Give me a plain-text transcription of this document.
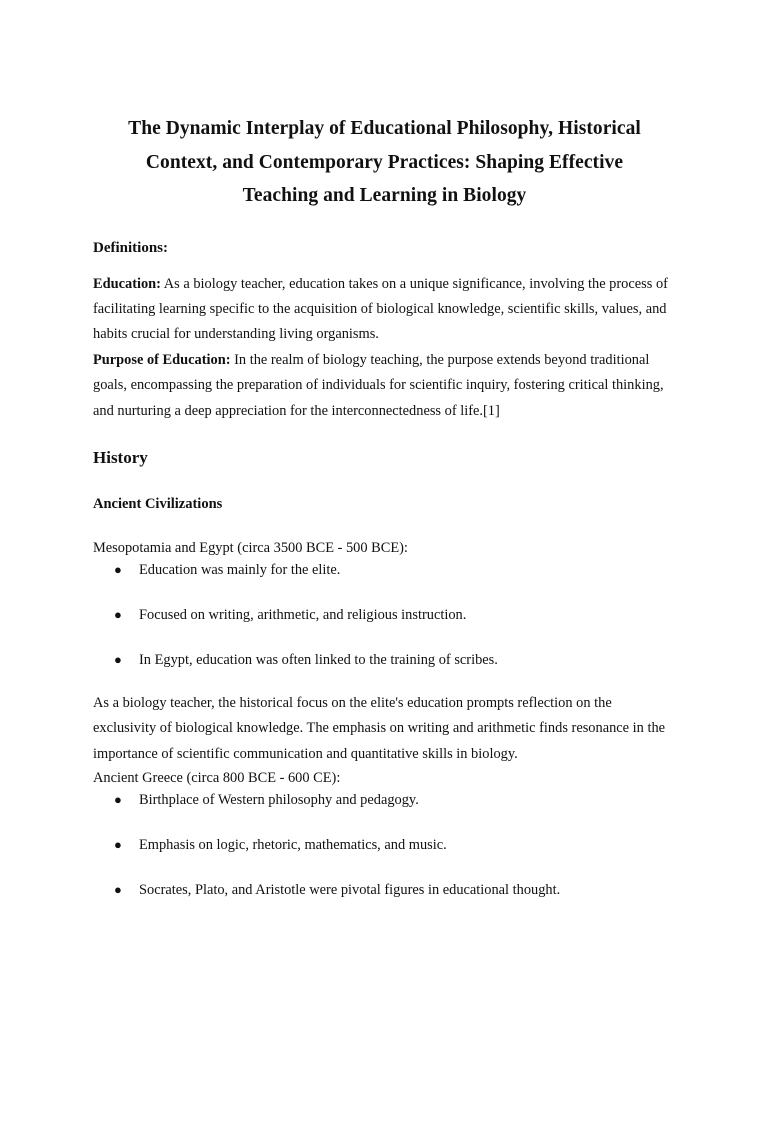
The Dynamic Interplay of Educational Philosophy, Historical
Context, and Contemporary Practices: Shaping Effective
Teaching and Learning in Biology

Definitions:

Education: As a biology teacher, education takes on a unique significance, involving the process of facilitating learning specific to the acquisition of biological knowledge, scientific skills, values, and habits crucial for understanding living organisms.

Purpose of Education: In the realm of biology teaching, the purpose extends beyond traditional goals, encompassing the preparation of individuals for scientific inquiry, fostering critical thinking, and nurturing a deep appreciation for the interconnectedness of life.[1]

History
Ancient Civilizations

Mesopotamia and Egypt (circa 3500 BCE - 500 BCE):

● Education was mainly for the elite.
● Focused on writing, arithmetic, and religious instruction.
● In Egypt, education was often linked to the training of scribes.

As a biology teacher, the historical focus on the elite's education prompts reflection on the exclusivity of biological knowledge. The emphasis on writing and arithmetic finds resonance in the importance of scientific communication and quantitative skills in biology.

Ancient Greece (circa 800 BCE - 600 CE):

● Birthplace of Western philosophy and pedagogy.
● Emphasis on logic, rhetoric, mathematics, and music.
● Socrates, Plato, and Aristotle were pivotal figures in educational thought.
